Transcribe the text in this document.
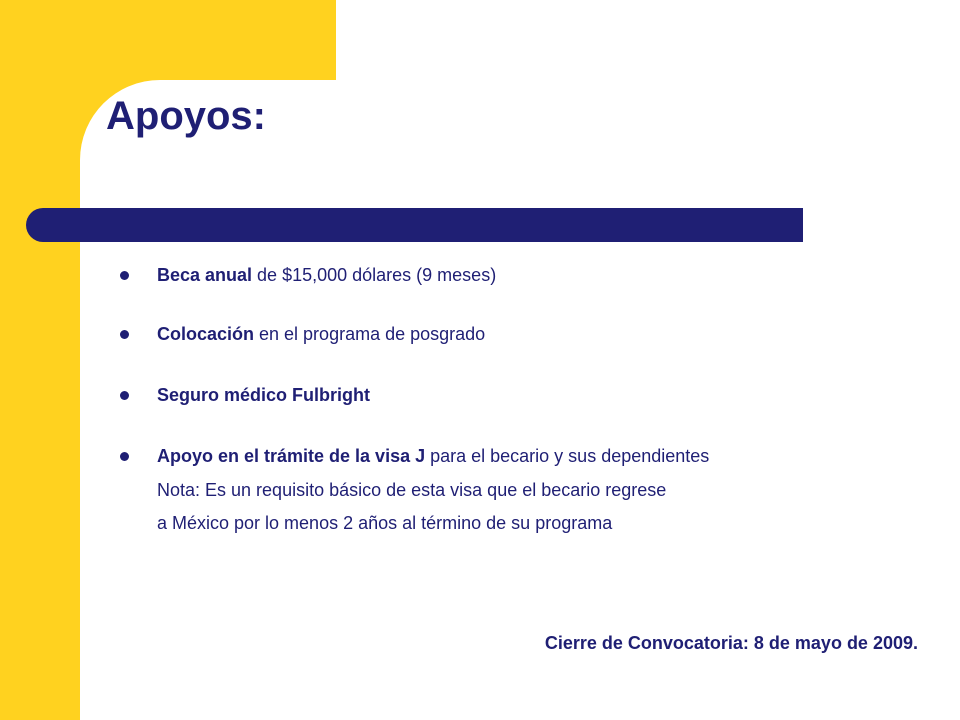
Apoyos:
Beca anual de $15,000 dólares (9 meses)
Colocación en el programa de posgrado
Seguro médico Fulbright
Apoyo en el trámite de la visa J para el becario y sus dependientes
Nota: Es un requisito básico de esta visa que el becario regrese
a México por lo menos 2 años al término de su programa
Cierre de Convocatoria: 8 de mayo de 2009.
